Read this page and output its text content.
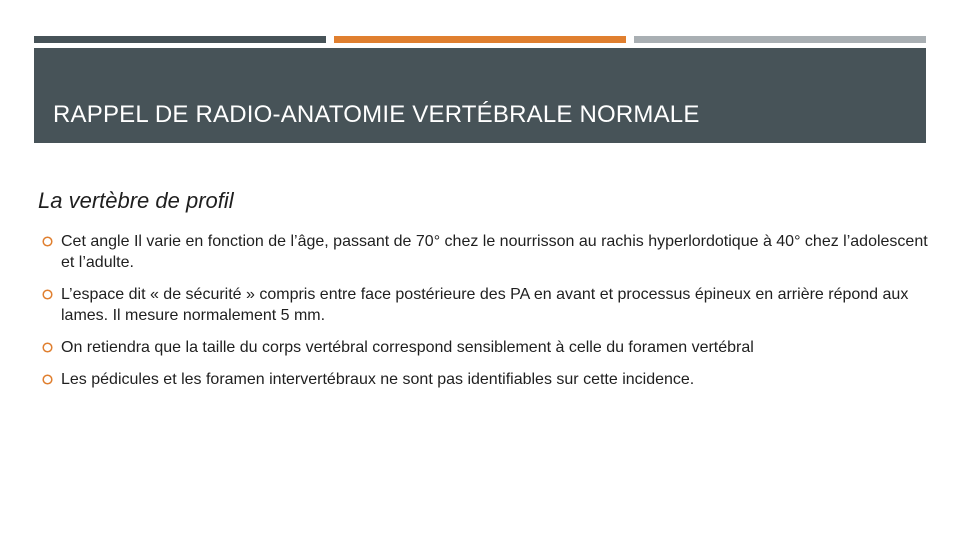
RAPPEL DE RADIO-ANATOMIE VERTÉBRALE NORMALE
La vertèbre de profil
Cet angle Il varie en fonction de l’âge, passant de 70° chez le nourrisson au rachis hyperlordotique à 40° chez l’adolescent et l’adulte.
L’espace dit « de sécurité » compris entre face postérieure des PA en avant et processus épineux en arrière répond aux lames. Il mesure normalement 5 mm.
On retiendra que la taille du corps vertébral correspond sensiblement à celle du foramen vertébral
Les pédicules et les foramen intervertébraux ne sont pas identifiables sur cette incidence.
